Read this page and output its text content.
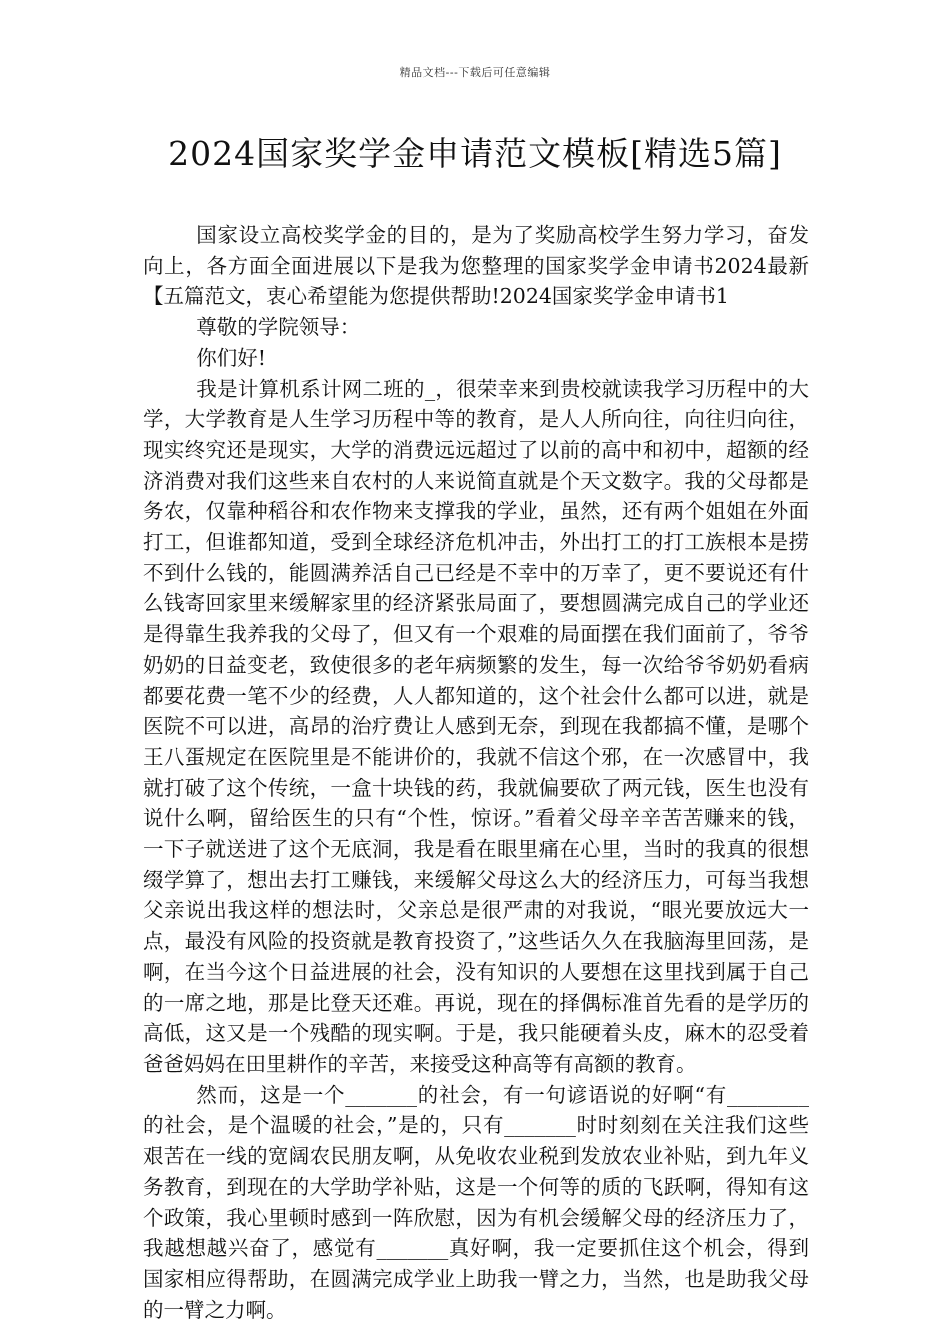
精品文档---下载后可任意编辑
2024国家奖学金申请范文模板[精选5篇]

国家设立高校奖学金的目的，是为了奖励高校学生努力学习，奋发向上，各方面全面进展以下是我为您整理的国家奖学金申请书2024最新【五篇范文，衷心希望能为您提供帮助!2024国家奖学金申请书1

尊敬的学院领导：

你们好!

我是计算机系计网二班的_，很荣幸来到贵校就读我学习历程中的大学，大学教育是人生学习历程中等的教育，是人人所向往，向往归向往，现实终究还是现实，大学的消费远远超过了以前的高中和初中，超额的经济消费对我们这些来自农村的人来说简直就是个天文数字。我的父母都是务农，仅靠种稻谷和农作物来支撑我的学业，虽然，还有两个姐姐在外面打工，但谁都知道，受到全球经济危机冲击，外出打工的打工族根本是捞不到什么钱的，能圆满养活自己已经是不幸中的万幸了，更不要说还有什么钱寄回家里来缓解家里的经济紧张局面了，要想圆满完成自己的学业还是得靠生我养我的父母了，但又有一个艰难的局面摆在我们面前了，爷爷奶奶的日益变老，致使很多的老年病频繁的发生，每一次给爷爷奶奶看病都要花费一笔不少的经费，人人都知道的，这个社会什么都可以进，就是医院不可以进，高昂的治疗费让人感到无奈，到现在我都搞不懂，是哪个王八蛋规定在医院里是不能讲价的，我就不信这个邪，在一次感冒中，我就打破了这个传统，一盒十块钱的药，我就偏要砍了两元钱，医生也没有说什么啊，留给医生的只有“个性，惊讶。”看着父母辛辛苦苦赚来的钱，一下子就送进了这个无底洞，我是看在眼里痛在心里，当时的我真的很想缀学算了，想出去打工赚钱，来缓解父母这么大的经济压力，可每当我想父亲说出我这样的想法时，父亲总是很严肃的对我说，“眼光要放远大一点，最没有风险的投资就是教育投资了，”这些话久久在我脑海里回荡，是啊，在当今这个日益进展的社会，没有知识的人要想在这里找到属于自己的一席之地，那是比登天还难。再说，现在的择偶标准首先看的是学历的高低，这又是一个残酷的现实啊。于是，我只能硬着头皮，麻木的忍受着爸爸妈妈在田里耕作的辛苦，来接受这种高等有高额的教育。

然而，这是一个_______的社会，有一句谚语说的好啊“有________的社会，是个温暖的社会，”是的，只有_______时时刻刻在关注我们这些艰苦在一线的宽阔农民朋友啊，从免收农业税到发放农业补贴，到九年义务教育，到现在的大学助学补贴，这是一个何等的质的飞跃啊，得知有这个政策，我心里顿时感到一阵欣慰，因为有机会缓解父母的经济压力了，我越想越兴奋了，感觉有_______真好啊，我一定要抓住这个机会，得到国家相应得帮助，在圆满完成学业上助我一臂之力，当然，也是助我父母的一臂之力啊。
